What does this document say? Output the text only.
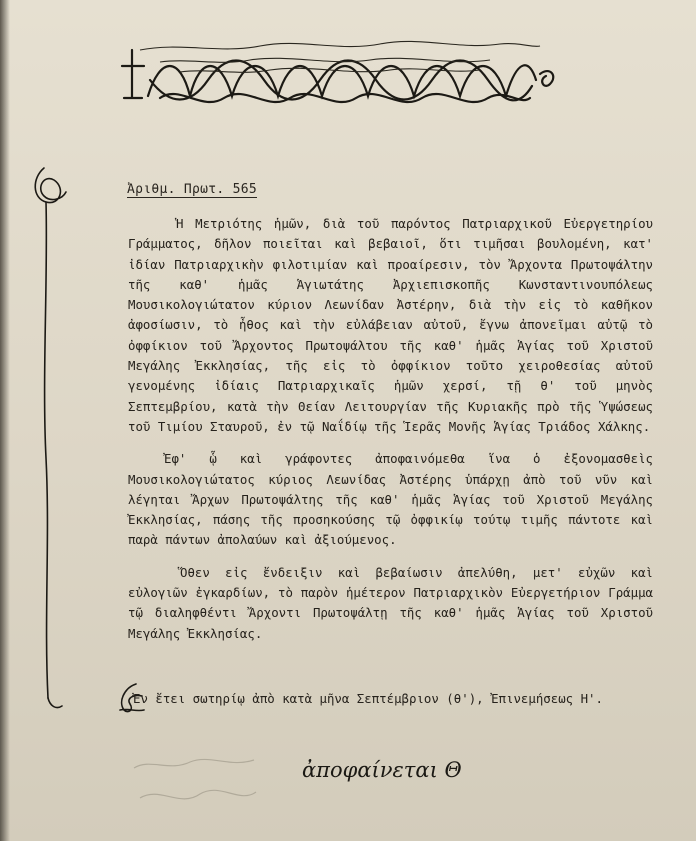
Ἀριθμ. Πρωτ. 565

Ἡ Μετριότης ἡμῶν, διὰ τοῦ παρόντος Πατριαρχικοῦ Εὐεργετηρίου Γράμματος, δῆλον ποιεῖται καὶ βεβαιοῖ, ὅτι τιμῆσαι βουλομένη, κατ' ἰδίαν Πατριαρχικὴν φιλοτιμίαν καὶ προαίρεσιν, τὸν Ἄρχοντα Πρωτοψάλτην τῆς καθ' ἡμᾶς Ἁγιωτάτης Ἀρχιεπισκοπῆς Κωνσταντινουπόλεως Μουσικολογιώτατον κύριον Λεωνίδαν Ἀστέρην, διὰ τὴν εἰς τὸ καθῆκον ἀφοσίωσιν, τὸ ἦθος καὶ τὴν εὐλάβειαν αὐτοῦ, ἔγνω ἀπονεῖμαι αὐτῷ τὸ ὀφφίκιον τοῦ Ἄρχοντος Πρωτοψάλτου τῆς καθ' ἡμᾶς Ἁγίας τοῦ Χριστοῦ Μεγάλης Ἐκκλησίας, τῆς εἰς τὸ ὀφφίκιον τοῦτο χειροθεσίας αὐτοῦ γενομένης ἰδίαις Πατριαρχικαῖς ἡμῶν χερσί, τῇ θ' τοῦ μηνὸς Σεπτεμβρίου, κατὰ τὴν Θείαν Λειτουργίαν τῆς Κυριακῆς πρὸ τῆς Ὑψώσεως τοῦ Τιμίου Σταυροῦ, ἐν τῷ Ναΐδίῳ τῆς Ἱερᾶς Μονῆς Ἁγίας Τριάδος Χάλκης.

Ἐφ' ᾧ καὶ γράφοντες ἀποφαινόμεθα ἵνα ὁ ἐξονομασθεὶς Μουσικολογιώτατος κύριος Λεωνίδας Ἀστέρης ὑπάρχῃ ἀπὸ τοῦ νῦν καὶ λέγηται Ἄρχων Πρωτοψάλτης τῆς καθ' ἡμᾶς Ἁγίας τοῦ Χριστοῦ Μεγάλης Ἐκκλησίας, πάσης τῆς προσηκούσης τῷ ὀφφικίῳ τούτῳ τιμῆς πάντοτε καὶ παρὰ πάντων ἀπολαύων καὶ ἀξιούμενος.

Ὅθεν εἰς ἔνδειξιν καὶ βεβαίωσιν ἀπελύθη, μετ' εὐχῶν καὶ εὐλογιῶν ἐγκαρδίων, τὸ παρὸν ἡμέτερον Πατριαρχικὸν Εὐεργετήριον Γράμμα τῷ διαληφθέντι Ἄρχοντι Πρωτοψάλτῃ τῆς καθ' ἡμᾶς Ἁγίας τοῦ Χριστοῦ Μεγάλης Ἐκκλησίας.

Ἐν ἔτει σωτηρίῳ ἀπὸ κατὰ μῆνα Σεπτέμβριον (θ'), Ἐπινεμήσεως Η'.
ἀποφαίνεται Θ
